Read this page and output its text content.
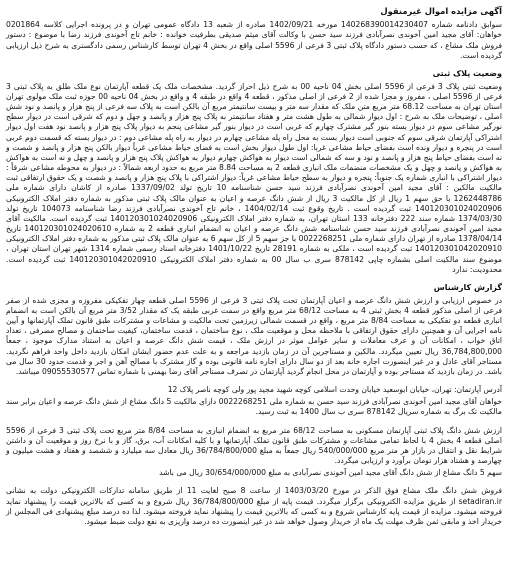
آگهی مزایده اموال غیرمنقول

سوابق دادنامه شماره 140268390014230407 مورخه 1402/09/21 صادره از شعبه 13 دادگاه عمومی تهران و در پرونده اجرایی کلاسه 0201864 خواهان: آقای مجید امین آخوندی نصرآبادی فرزند سید حسن با وکالت آقای میثم صدیقی بطرفیت خوانده : خانم تاج آخوندی فرزند رضا با موضوع : دستور فروش ملک مشاع ، که حسب دستور دادگاه پلاک ثبتی 3 فرعی از 5596 اصلی واقع در بخش 4 تهران توسط کارشناس رسمی دادگستری به شرح ذیل ارزیابی گردیده است.

وضعیت پلاک ثبتی

وضعیت ثبتی پلاک 3 فرعی از 5596 اصلی بخش 04 ناحیه 00 به شرح ذیل احراز گردید. مشخصات ملک یک قطعه آپارتمان نوع ملک طلق به پلاک ثبتی 3 فرعی از 5596 اصلی ، مفروز و مجزا شده از 2 فرعی از اصلی مذکور ، قطعه 4 واقع در طبقه 4 و واقع در بخش 04 ناحیه 00 حوزه ثبت ملک مولوی تهران استان تهران به مساحت 68.12 متر مربع متن ملک که مقدار سه متر و بیست سانتیمتر مربع آن بالکن است به پلاک سه فرعی از پنج هزار و پانصد و نود شش اصلی ، توضیحات ملک به شرح : اول دیوار شمالی به طول هشت متر و هفتاد سانتیمتر به پلاک پنج هزار و پانصد و جهل و دوم که شرقی است در دیوار سطح نورگیر مشاعی سوم در دیوار بسته بنور گیر مشترک چهارم که غربی است در دیوار بنور گیر مشاعی پنجم به دیوار پلاک پنج هزار و پانصد نود هفت اول دیوار اشتراکی آپارتمان شرقی سوم که جنوبی است دیوار بست به محل راه پله مشاعی چهارم در دیوار به راه پله مشاعی دوم : در دیوار بسته که قسمت دوم غربی است در پنجره و دیوار ونده است بفضای حیاط مشاعی غربا: اول طول دیوار بخش است به فضای حیاط مشاعی غرباً دیوار بالکن پنج هزار و پانصد و شصت و نه است بفضای حیاط پنج هزار و پانصد و نود و سه که شمالی است دیوار به هواکش چهارم دیوار به هواکش پلاک پنج هزار و پانصد و چهل و نه است به هواکش به هواکش و پانصد و چهل و یک مشخصات منضمات ملک انباری قطعه 2 به مساحت 8.84 متر مربع به حدود اربعه شمالاً : در دیوار به محوطه مشاعی شرقاً : دیوار اشتراکی با انباری شماره یک جنوباً: پنجره و دیوار به سطح حیاط مشاعی غرباً: دیوار اشتراکی با پلاک پنج هزار و پانصد و شصت و یک حقوق ارتفاقی ثبت مالکیت مالکین : آقای مجید امین آخوندی نصرآبادی فرزند سید حسن شناسنامه 10 تاریخ تولد 1337/09/02 صادره از کاشان دارای شماره ملی 1262448786 با حق سهم 1 ریال از کل مالکیت 3 ریال از شش دانگ عرصه و اعیان به عنوان مالک پلاک ثبتی مذکور به شماره دفتر املاک الکترونیکی 140120301024020906 ثبت گردیده است . تاریخ وقوع ثبت 1404/02/14 ، خانم تاج آخوندی نصرآبادی فرزند رضا شناسنامه 104073 تاریخ تولد 1374/03/30 شماره سند 222 دفترخانه 133 استان تهران، به شماره دفتر املاک الکترونیکی 140120301024020906 ثبت گردیده است. مالکیت آقای مجید امین آخوندی نصرآبادی فرزند سید حسن شناسنامه شش دانگ عرصه و اعیان به انضمام انباری قطعه 2 به شماره 140120301024020610 تاریخ 1378/04/14 صادره از تهران دارای شماره ملی 0022268251 با جز سهم 5 از کل سهم 6 به عنوان مالک پلاک ثبتی مذکور به شماره دفتر املاک الکترونیکی 140120301042020910 ثبت گردیده است ، ملکی به شماره 28191 تاریخ 1401/10/22 دفترخانه اسناد رسمی شماره 1314 شهر تهران استان تهران ، موضوع سند مالکیت اصلی بشماره چاپی 878142 سری ب سال 00 به شماره دفتر املاک الکترونیکی 140120301042020910 ثبت گردیده است. محدودیت: ندارد

گزارش کارشناس

در خصوص ارزیابی و ارزش شش دانگ عرصه و اعیان آپارتمان تحت پلاک ثبتی 3 فرعی از 5596 اصلی قطعه چهار تفکیکی مفروزه و مجزی شده از صفر فرعی از اصلی مذکور قطعه 4 بخش ثبتی 4 به مساحت 68/12 متر مربع واقع در سمت غربی طبقه یک که مقدار 3/52 متر مربع آن بالکن است به انضمام انباری قطعه دو تفکیکی به مساحت 8/84 متر مربع ، واقع در قسمت شمالی زیرزمین تحت مالکیت و مشاعات و مشترکات طبق قانون تملک آپارتمانها و آیین نامه اجرایی آن و همچنین دارای حقوق ارتفاقی با ملاحظه محل و موقعیت ملک ، نوع ساختمان ، قدمت ساختمان، کیفیت ساختمان و مصالح مصرفی ، تعداد اتاق خواب ، امکانات آن و عرف معاملات و سایر عوامل موثر در ارزش ملک ، قیمت شش دانگ عرصه و اعیان به استناد مدارک موجود ، جمعاً 36,784,800,000 ریال تعیین میگردد. مالکین و مستاجرین آن در زمان بازدید مراجعه و به علت عدم حضور ایشان امکان بازدید داخل واحد فراهم نگردید. مستاجر آقای عادل و در غیر اینصورت اجاره خانه بعد از دو سال دارای اجاره نامه قانونی بوده و گاز مشترک با مصالح آهن و اجر و قدمت حدود 30 سال می باشد. در زمان بازدید که مستاجر بوده و آپارتمان در محل انجام گردید آپارتمان در تصرف مستاجر آقای رضا بهمنی با شماره تماس 09055530577 میباشد.

آدرس آپارتمان: تهران، خیابان ابوسعید خیابان وحدت اسلامی کوچه شهید مجید پور ولی کوچه ناصر پلاک 12

خواهان آقای مجید امین آخوندی نصرآبادی فرزند سید حسن به شماره ملی 0022268251 دارای مالکیت 5 دانگ مشاع از شش دانگ عرصه و اعیان برابر سند مالکیت تک برگ به شماره سریال 878142 سری ب سال 1400 به ثبت رسید.

ارزش شش دانگ پلاک ثبتی آپارتمان مسکونی به مساحت 68/12 متر مربع به انضمام انباری به مساحت 8/84 متر مربع تحت پلاک ثبتی 3 فرعی از 5596 اصلی قطعه 4 بخش 4 با لحاظ تمامی مشاعات و مشترکات طبق قانون تملک آپارتمانها و با کلیه امکانات آب، برق، گاز و با نرخ روز و موقعیت آن و داشتن شرایط نقل و انتقال در بازار هر متر مربع 540/000/000 ریال جمعاً به مبلغ 36/784/800/000 ریال معادل سه میلیارد و ششصد و هفتاد و هشت میلیون و چهارصد و هشتاد هزار تومان برآورد و ارزیابی میگردد.

سهم 5 دانگ مشاع از شش دانگ آقای مجید امین آخوندی نصرآبادی به مبلغ 30/654/000/000 ریال می باشد

فروش شش دانگ ملک مشاع فوق الذکر در مورخ 1403/03/20 از ساعت 8 صبح لغایت 11 از طریق سامانه تدارکات الکترونیکی دولت به نشانی setadiran.ir از طریق مزایده الکترونیکی برگزار میگردد. قیمت پایه از مبلغ 36/784/800/000 ریال شروع و به کسی که بالاترین قیمت را پیشنهاد نماید فروخته میشود. مزایده از قیمت پایه کارشناس شروع و به کسی که بالاترین قیمت را پیشنهاد نماید فروخته میشود. لذا ده درصد مبلغ پیشنهادی فی المجلس از خریدار اخذ و مابقی ثمن ظرف مهلت یک ماه از خریدار وصول خواهد شد در غیر اینصورت ده درصد واریزی به نفع دولت ضبط میشود.
